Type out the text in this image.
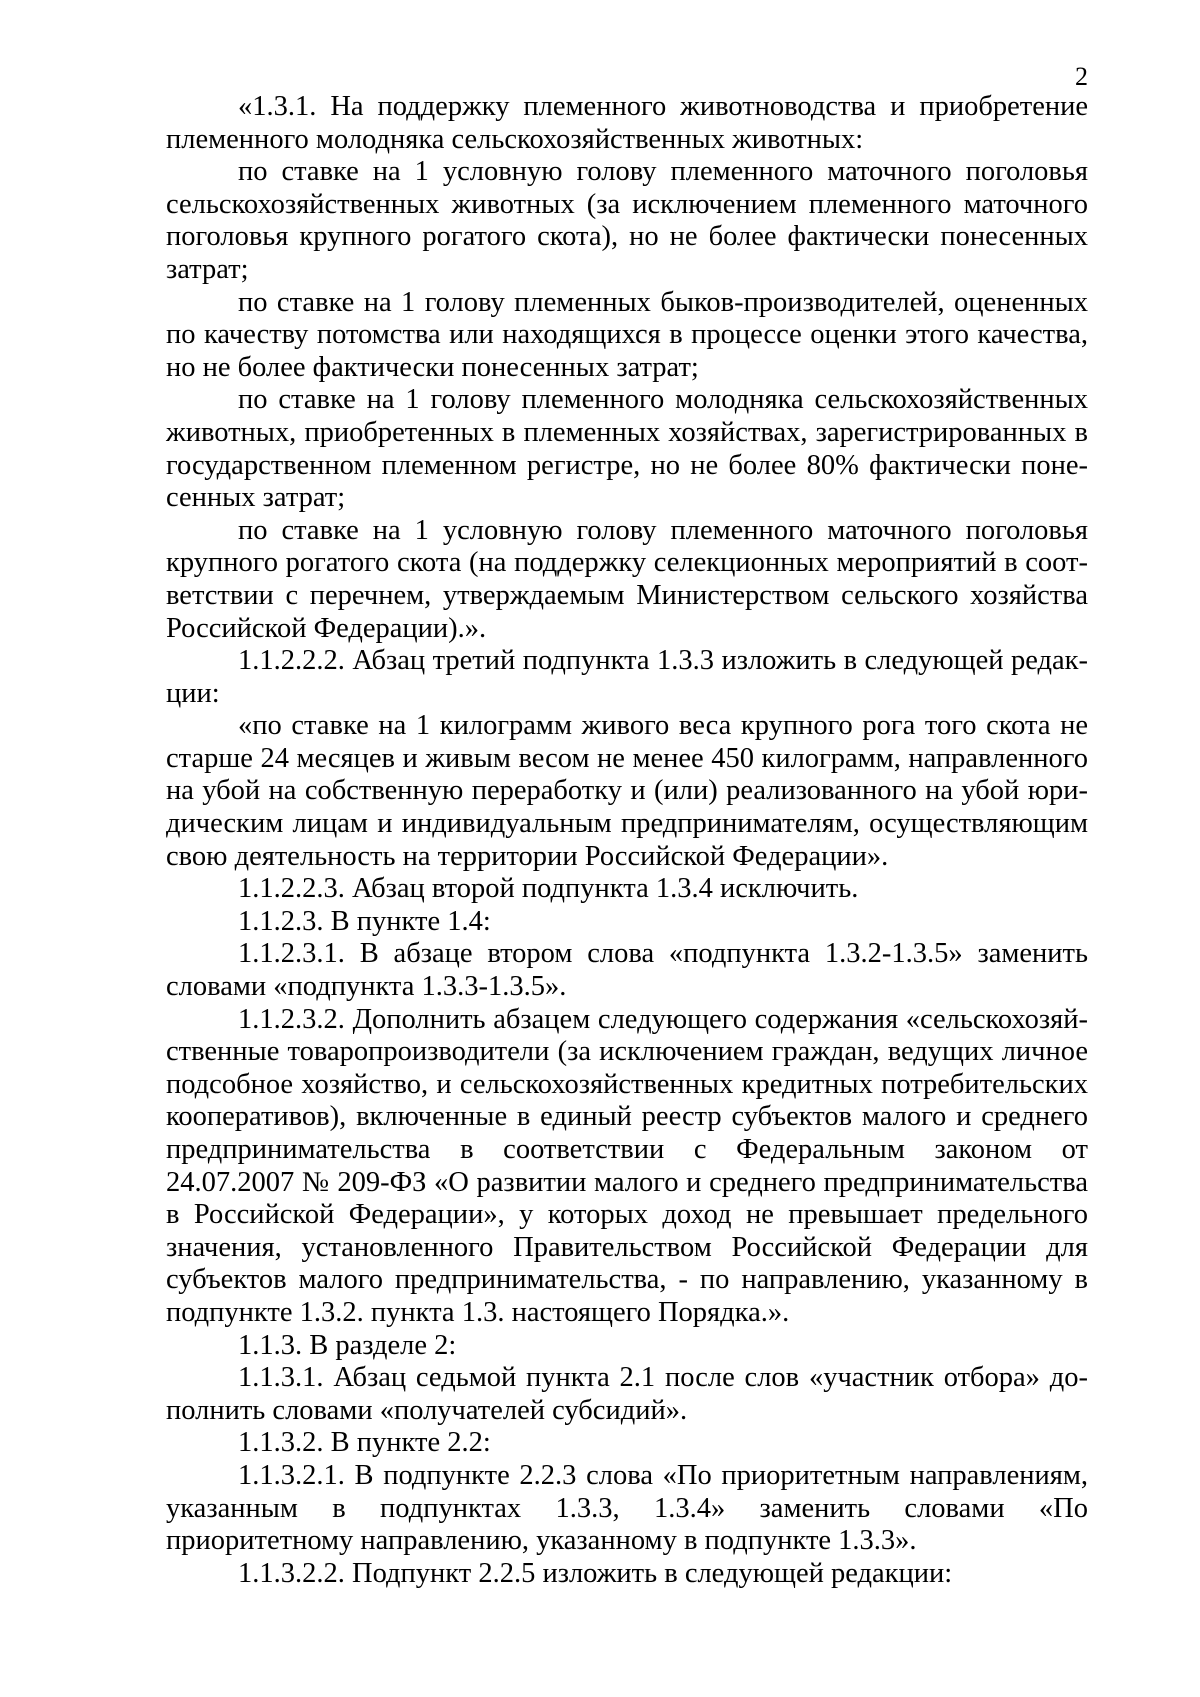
2

«1.3.1. На поддержку племенного животноводства и приобретение племенного молодняка сельскохозяйственных животных:

по ставке на 1 условную голову племенного маточного поголовья сельскохозяйственных животных (за исключением племенного маточного поголовья крупного рогатого скота), но не более фактически понесенных затрат;

по ставке на 1 голову племенных быков-производителей, оцененных по качеству потомства или находящихся в процессе оценки этого качества, но не более фактически понесенных затрат;

по ставке на 1 голову племенного молодняка сельскохозяйственных животных, приобретенных в племенных хозяйствах, зарегистрированных в государственном племенном регистре, но не более 80% фактически понесенных затрат;

по ставке на 1 условную голову племенного маточного поголовья крупного рогатого скота (на поддержку селекционных мероприятий в соответствии с перечнем, утверждаемым Министерством сельского хозяйства Российской Федерации).».

1.1.2.2.2. Абзац третий подпункта 1.3.3 изложить в следующей редакции:

«по ставке на 1 килограмм живого веса крупного рога того скота не старше 24 месяцев и живым весом не менее 450 килограмм, направленного на убой на собственную переработку и (или) реализованного на убой юридическим лицам и индивидуальным предпринимателям, осуществляющим свою деятельность на территории Российской Федерации».

1.1.2.2.3. Абзац второй подпункта 1.3.4 исключить.

1.1.2.3. В пункте 1.4:

1.1.2.3.1. В абзаце втором слова «подпункта 1.3.2-1.3.5» заменить словами «подпункта 1.3.3-1.3.5».

1.1.2.3.2. Дополнить абзацем следующего содержания «сельскохозяйственные товаропроизводители (за исключением граждан, ведущих личное подсобное хозяйство, и сельскохозяйственных кредитных потребительских кооперативов), включенные в единый реестр субъектов малого и среднего предпринимательства в соответствии с Федеральным законом от 24.07.2007 № 209-ФЗ «О развитии малого и среднего предпринимательства в Российской Федерации», у которых доход не превышает предельного значения, установленного Правительством Российской Федерации для субъектов малого предпринимательства, - по направлению, указанному в подпункте 1.3.2. пункта 1.3. настоящего Порядка.».

1.1.3. В разделе 2:

1.1.3.1. Абзац седьмой пункта 2.1 после слов «участник отбора» дополнить словами «получателей субсидий».

1.1.3.2. В пункте 2.2:

1.1.3.2.1. В подпункте 2.2.3 слова «По приоритетным направлениям, указанным в подпунктах 1.3.3, 1.3.4» заменить словами «По приоритетному направлению, указанному в подпункте 1.3.3».

1.1.3.2.2. Подпункт 2.2.5 изложить в следующей редакции:
